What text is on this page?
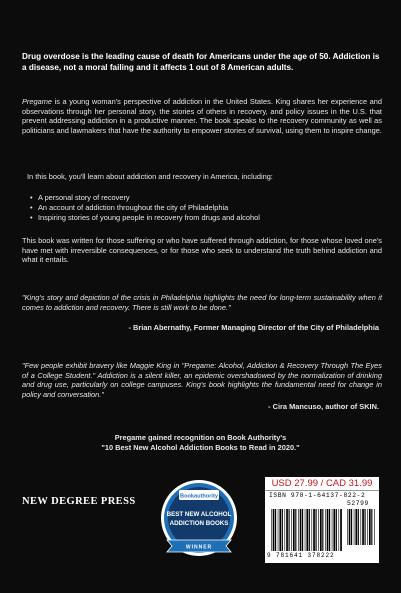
Drug overdose is the leading cause of death for Americans under the age of 50. Addiction is a disease, not a moral failing and it affects 1 out of 8 American adults.

Pregame is a young woman's perspective of addiction in the United States. King shares her experience and observations through her personal story, the stories of others in recovery, and policy issues in the U.S. that prevent addressing addiction in a productive manner. The book speaks to the recovery community as well as politicians and lawmakers that have the authority to empower stories of survival, using them to inspire change.

In this book, you'll learn about addiction and recovery in America, including:

• A personal story of recovery
• An account of addiction throughout the city of Philadelphia
• Inspiring stories of young people in recovery from drugs and alcohol

This book was written for those suffering or who have suffered through addiction, for those whose loved one's have met with irreversible consequences, or for those who seek to understand the truth behind addiction and what it entails.

"King's story and depiction of the crisis in Philadelphia highlights the need for long-term sustainability when it comes to addiction and recovery. There is still work to be done."

- Brian Abernathy, Former Managing Director of the City of Philadelphia

"Few people exhibit bravery like Maggie King in "Pregame: Alcohol, Addiction & Recovery Through The Eyes of a College Student." Addiction is a silent killer, an epidemic overshadowed by the normalization of drinking and drug use, particularly on college campuses. King's book highlights the fundamental need for change in policy and conversation."

- Cira Mancuso, author of SKIN.

Pregame gained recognition on Book Authority's
"10 Best New Alcohol Addiction Books to Read in 2020."

NEW DEGREE PRESS	Bookauthority
BEST NEW ALCOHOL
ADDICTION BOOKS
WINNER
USD 27.99 / CAD 31.99
ISBN 978-1-64137-822-2
52799
9 781641 378222
